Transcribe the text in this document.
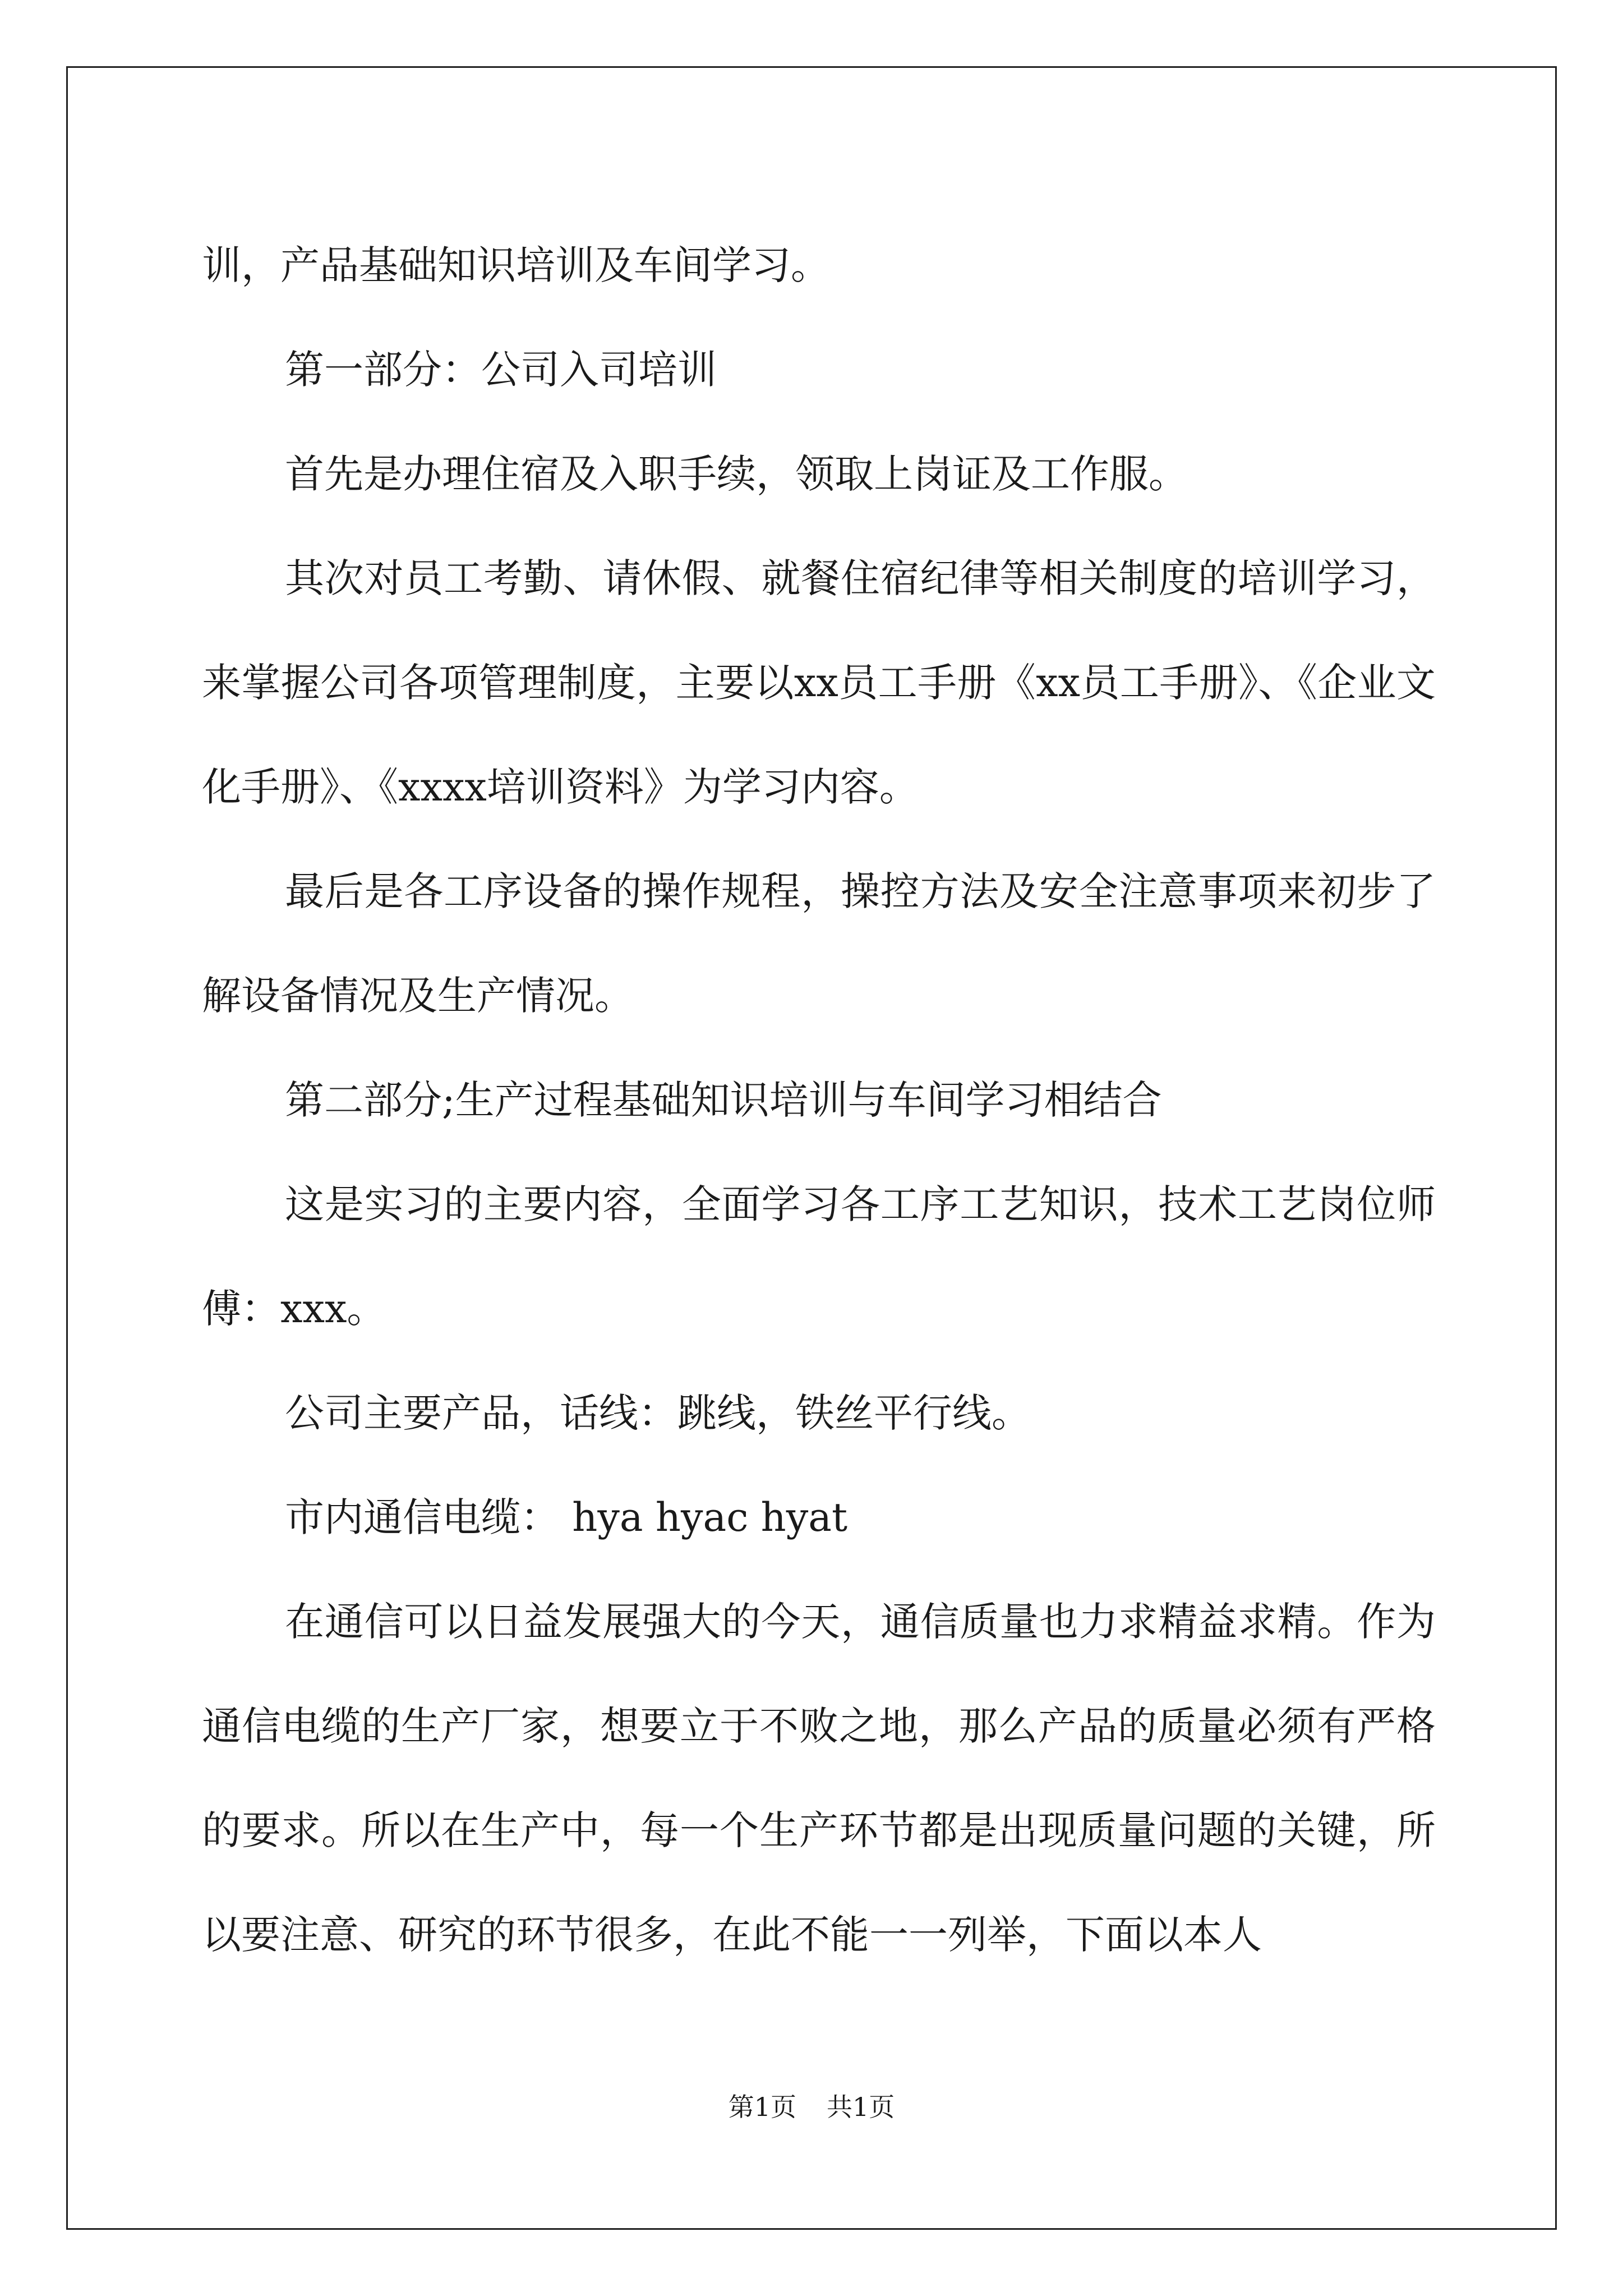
训，产品基础知识培训及车间学习。

第一部分：公司入司培训

首先是办理住宿及入职手续，领取上岗证及工作服。

其次对员工考勤、请休假、就餐住宿纪律等相关制度的培训学习，来掌握公司各项管理制度，主要以xx员工手册《xx员工手册》、《企业文化手册》、《xxxx培训资料》为学习内容。

最后是各工序设备的操作规程，操控方法及安全注意事项来初步了解设备情况及生产情况。

第二部分;生产过程基础知识培训与车间学习相结合

这是实习的主要内容，全面学习各工序工艺知识，技术工艺岗位师傅：xxx。

公司主要产品，话线：跳线，铁丝平行线。

市内通信电缆： hya hyac hyat

在通信可以日益发展强大的今天，通信质量也力求精益求精。作为通信电缆的生产厂家，想要立于不败之地，那么产品的质量必须有严格的要求。所以在生产中，每一个生产环节都是出现质量问题的关键，所以要注意、研究的环节很多，在此不能一一列举，下面以本人

第1页 共1页
